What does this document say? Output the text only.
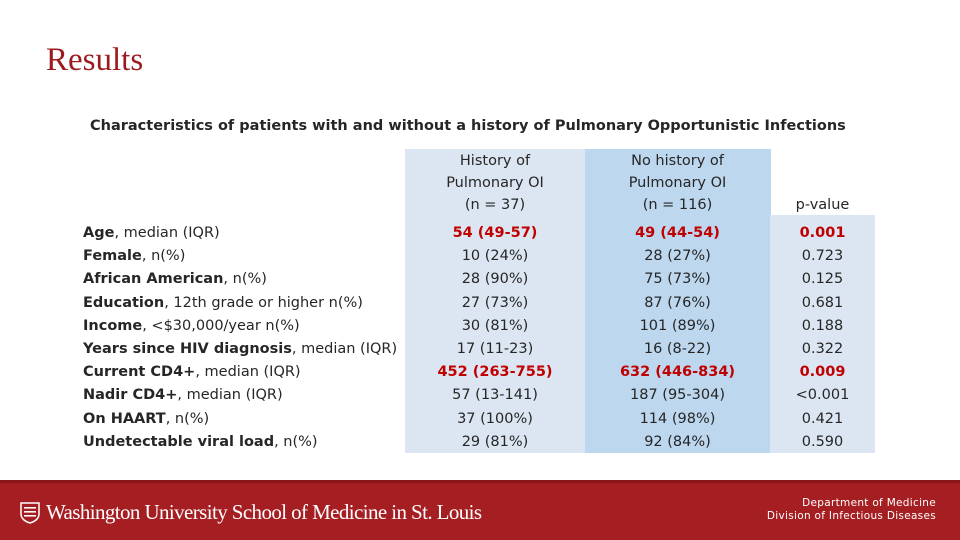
Results
Characteristics of patients with and without a history of Pulmonary Opportunistic Infections
History of
Pulmonary OI
(n = 37)
No history of
Pulmonary OI
(n = 116)	p-value
Age, median (IQR)
Female, n(%)
African American, n(%)
Education, 12th grade or higher n(%)
Income, <$30,000/year n(%)
Years since HIV diagnosis, median (IQR)
Current CD4+, median (IQR)
Nadir CD4+, median (IQR)
On HAART, n(%)
Undetectable viral load, n(%)
54 (49-57)
10 (24%)
28 (90%)
27 (73%)
30 (81%)
17 (11-23)
452 (263-755)
57 (13-141)
37 (100%)
29 (81%)
49 (44-54)
28 (27%)
75 (73%)
87 (76%)
101 (89%)
16 (8-22)
632 (446-834)
187 (95-304)
114 (98%)
92 (84%)
0.001
0.723
0.125
0.681
0.188
0.322
0.009
<0.001
0.421
0.590
Washington University School of Medicine in St. Louis	Department of Medicine
Division of Infectious Diseases
